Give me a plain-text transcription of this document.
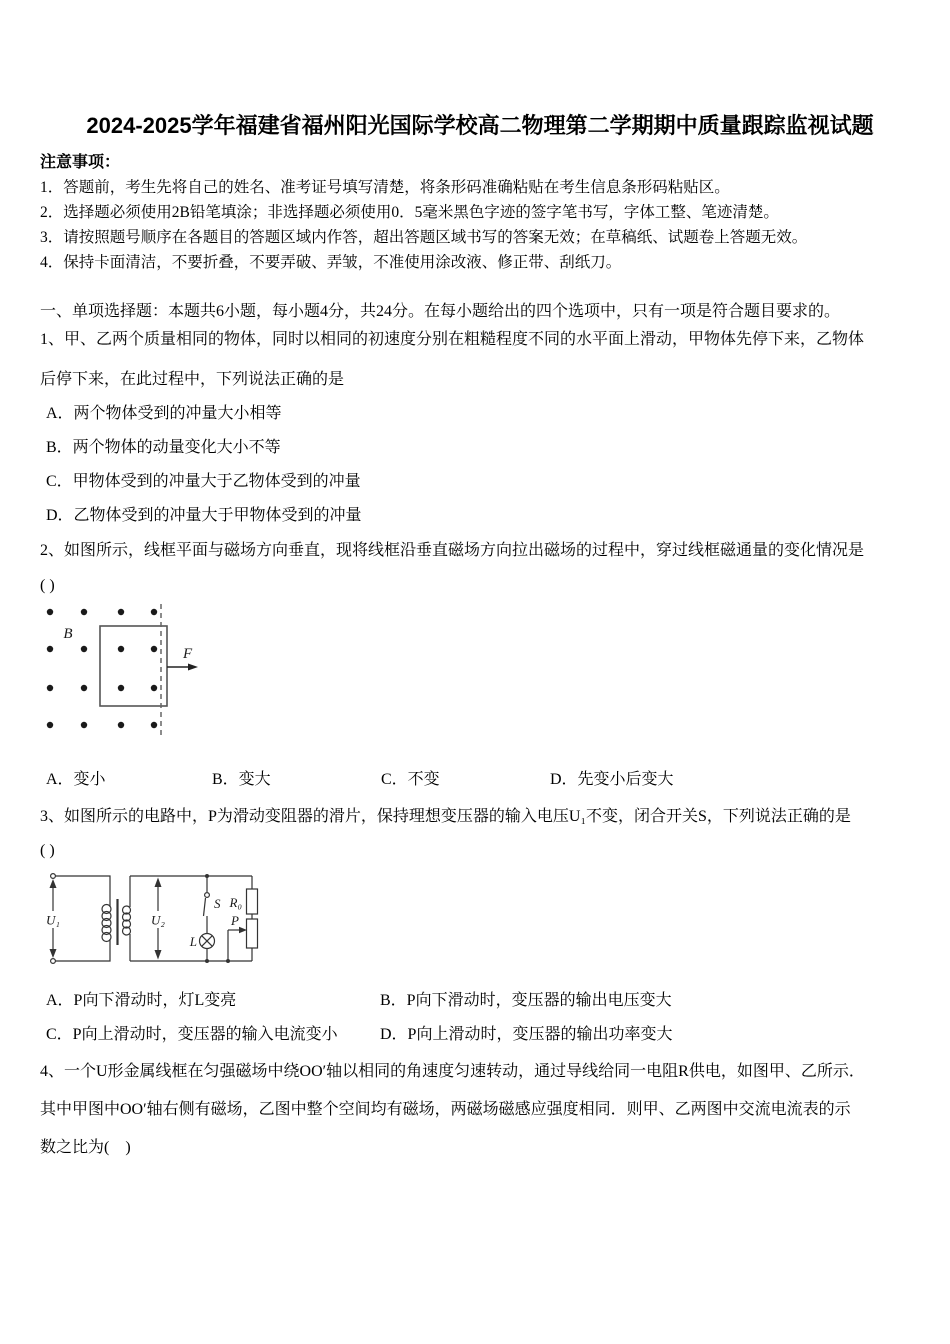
2024-2025学年福建省福州阳光国际学校高二物理第二学期期中质量跟踪监视试题

注意事项：

1．答题前，考生先将自己的姓名、准考证号填写清楚，将条形码准确粘贴在考生信息条形码粘贴区。

2．选择题必须使用2B铅笔填涂；非选择题必须使用0．5毫米黑色字迹的签字笔书写，字体工整、笔迹清楚。

3．请按照题号顺序在各题目的答题区域内作答，超出答题区域书写的答案无效；在草稿纸、试题卷上答题无效。

4．保持卡面清洁，不要折叠，不要弄破、弄皱，不准使用涂改液、修正带、刮纸刀。

一、单项选择题：本题共6小题，每小题4分，共24分。在每小题给出的四个选项中，只有一项是符合题目要求的。

1、甲、乙两个质量相同的物体，同时以相同的初速度分别在粗糙程度不同的水平面上滑动，甲物体先停下来，乙物体

后停下来，在此过程中，下列说法正确的是

A．两个物体受到的冲量大小相等

B．两个物体的动量变化大小不等

C．甲物体受到的冲量大于乙物体受到的冲量

D．乙物体受到的冲量大于甲物体受到的冲量

2、如图所示，线框平面与磁场方向垂直，现将线框沿垂直磁场方向拉出磁场的过程中，穿过线框磁通量的变化情况是

( )

B
F

A．变小	B．变大	C．不变	D．先变小后变大

3、如图所示的电路中，P为滑动变阻器的滑片，保持理想变压器的输入电压U₁不变，闭合开关S，下列说法正确的是

( )

U₁	U₂
S
L
R₀
P

A．P向下滑动时，灯L变亮	B．P向下滑动时，变压器的输出电压变大

C．P向上滑动时，变压器的输入电流变小	D．P向上滑动时，变压器的输出功率变大

4、一个U形金属线框在匀强磁场中绕OO′轴以相同的角速度匀速转动，通过导线给同一电阻R供电，如图甲、乙所示．

其中甲图中OO′轴右侧有磁场，乙图中整个空间均有磁场，两磁场磁感应强度相同．则甲、乙两图中交流电流表的示

数之比为(　)
